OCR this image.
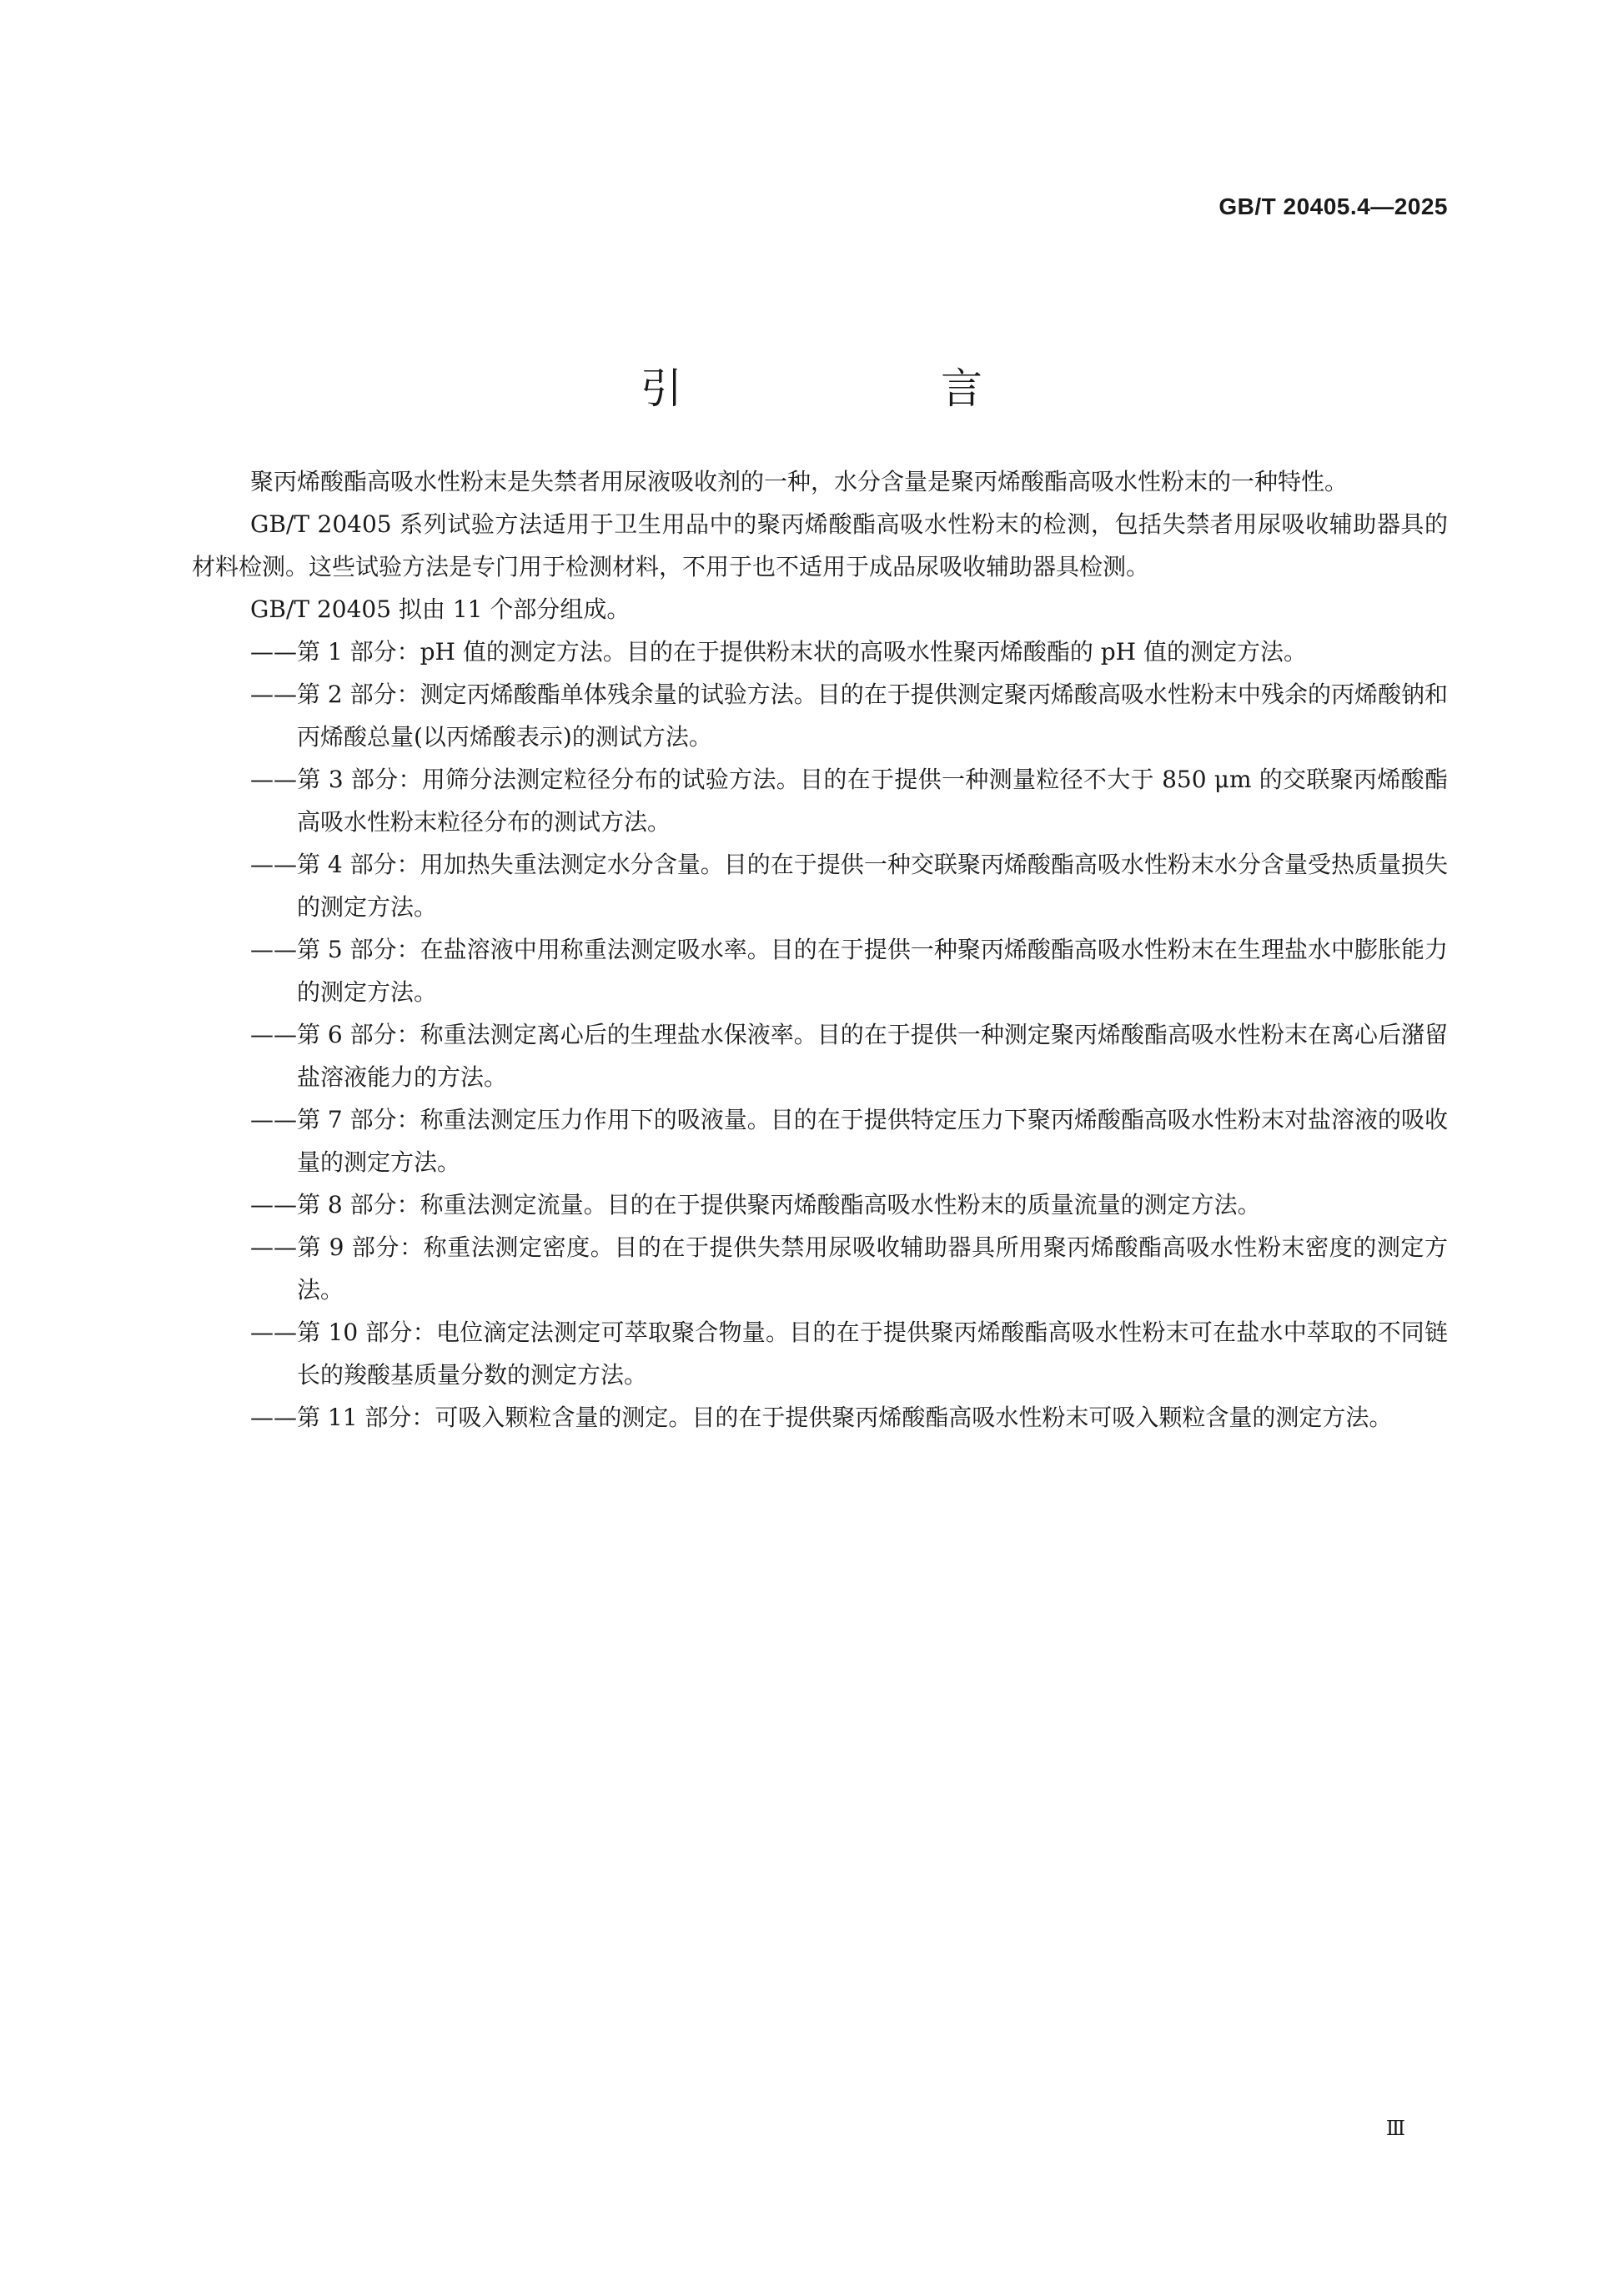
GB/T 20405.4—2025
引　　言

聚丙烯酸酯高吸水性粉末是失禁者用尿液吸收剂的一种，水分含量是聚丙烯酸酯高吸水性粉末的一种特性。

GB/T 20405 系列试验方法适用于卫生用品中的聚丙烯酸酯高吸水性粉末的检测，包括失禁者用尿吸收辅助器具的材料检测。这些试验方法是专门用于检测材料，不用于也不适用于成品尿吸收辅助器具检测。

GB/T 20405 拟由 11 个部分组成。

——第 1 部分：pH 值的测定方法。目的在于提供粉末状的高吸水性聚丙烯酸酯的 pH 值的测定方法。
——第 2 部分：测定丙烯酸酯单体残余量的试验方法。目的在于提供测定聚丙烯酸高吸水性粉末中残余的丙烯酸钠和丙烯酸总量(以丙烯酸表示)的测试方法。
——第 3 部分：用筛分法测定粒径分布的试验方法。目的在于提供一种测量粒径不大于 850 μm 的交联聚丙烯酸酯高吸水性粉末粒径分布的测试方法。
——第 4 部分：用加热失重法测定水分含量。目的在于提供一种交联聚丙烯酸酯高吸水性粉末水分含量受热质量损失的测定方法。
——第 5 部分：在盐溶液中用称重法测定吸水率。目的在于提供一种聚丙烯酸酯高吸水性粉末在生理盐水中膨胀能力的测定方法。
——第 6 部分：称重法测定离心后的生理盐水保液率。目的在于提供一种测定聚丙烯酸酯高吸水性粉末在离心后潴留盐溶液能力的方法。
——第 7 部分：称重法测定压力作用下的吸液量。目的在于提供特定压力下聚丙烯酸酯高吸水性粉末对盐溶液的吸收量的测定方法。
——第 8 部分：称重法测定流量。目的在于提供聚丙烯酸酯高吸水性粉末的质量流量的测定方法。
——第 9 部分：称重法测定密度。目的在于提供失禁用尿吸收辅助器具所用聚丙烯酸酯高吸水性粉末密度的测定方法。
——第 10 部分：电位滴定法测定可萃取聚合物量。目的在于提供聚丙烯酸酯高吸水性粉末可在盐水中萃取的不同链长的羧酸基质量分数的测定方法。
——第 11 部分：可吸入颗粒含量的测定。目的在于提供聚丙烯酸酯高吸水性粉末可吸入颗粒含量的测定方法。
Ⅲ
